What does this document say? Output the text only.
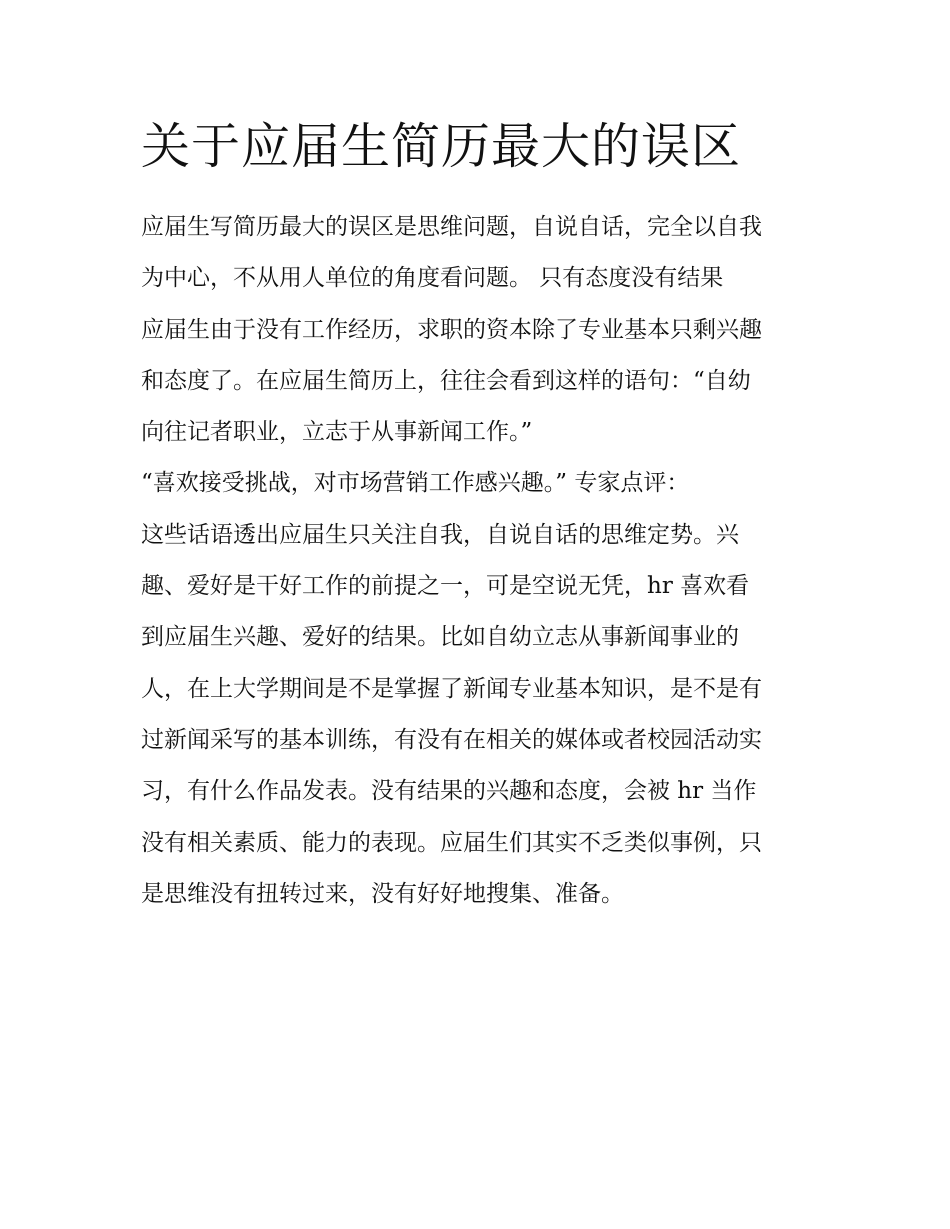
关于应届生简历最大的误区
应届生写简历最大的误区是思维问题，自说自话，完全以自我
为中心，不从用人单位的角度看问题。 只有态度没有结果
应届生由于没有工作经历，求职的资本除了专业基本只剩兴趣
和态度了。在应届生简历上，往往会看到这样的语句：“自幼
向往记者职业，立志于从事新闻工作。”
“喜欢接受挑战，对市场营销工作感兴趣。” 专家点评：
这些话语透出应届生只关注自我，自说自话的思维定势。兴
趣、爱好是干好工作的前提之一，可是空说无凭，hr 喜欢看
到应届生兴趣、爱好的结果。比如自幼立志从事新闻事业的
人，在上大学期间是不是掌握了新闻专业基本知识，是不是有
过新闻采写的基本训练，有没有在相关的媒体或者校园活动实
习，有什么作品发表。没有结果的兴趣和态度，会被 hr 当作
没有相关素质、能力的表现。应届生们其实不乏类似事例，只
是思维没有扭转过来，没有好好地搜集、准备。
